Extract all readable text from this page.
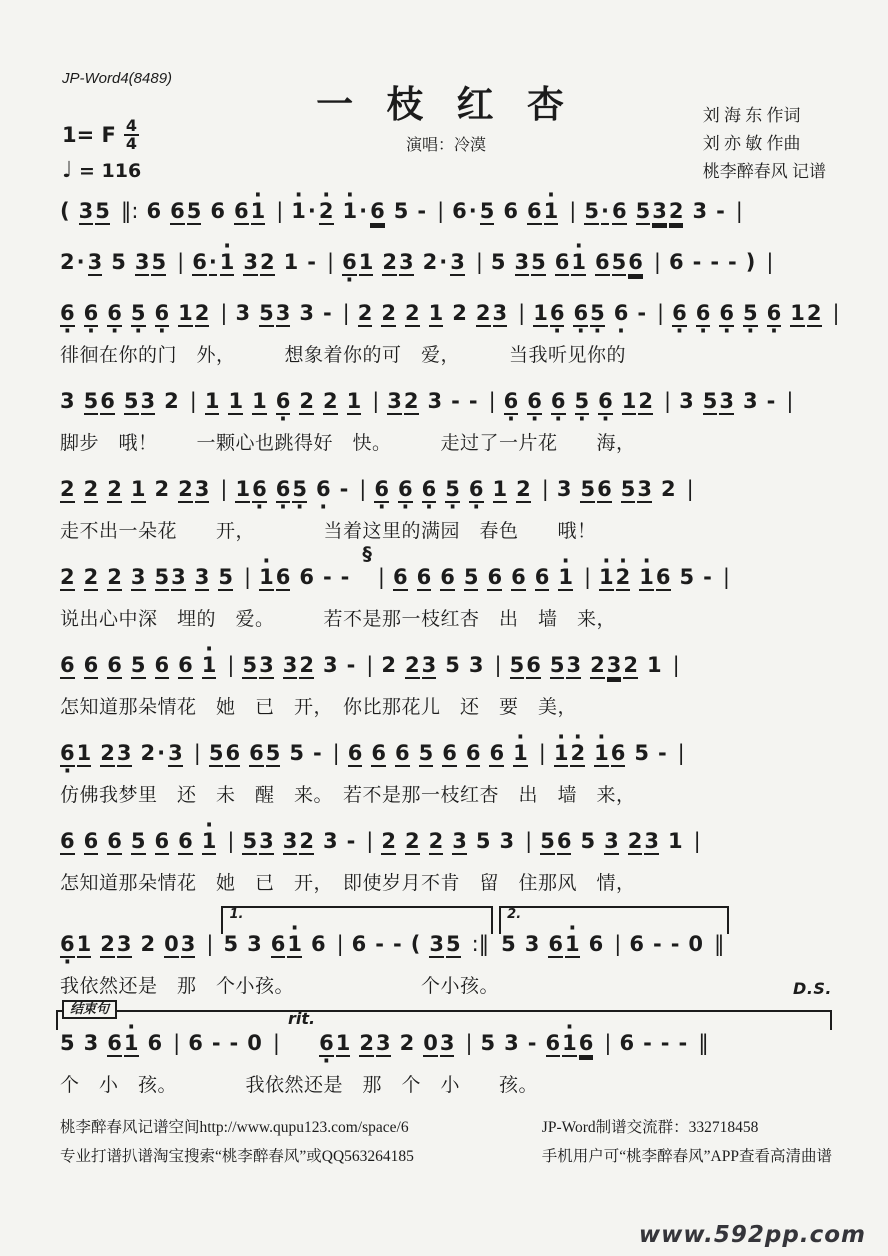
JP-Word4(8489)
一 枝 红 杏
演唱：冷漠
刘 海 东 作词
刘 亦 敏 作曲
桃李醉春风 记谱
1= F $\frac{4}{4}$
♩ = 116
( 35 ‖: 6 65 6 6· 1 | · 1· · 2 · 1· 6 5 - | 6· 5 6 6· 1 | 5· 6 532 3 - |
2· 3 5 35 | 6· · 1 32 1 - | 6 ·1 23 2· 3 | 5 35 6· 1 656 | 6 - - - ) |
6 · 6 · 6 · 5 · 6 · 12 | 3 53 3 - | 2 2 2 1 2 23 | 16 · 6 ·5 · 6 · - | 6 · 6 · 6 · 5 · 6 · 12 |
徘徊在你的门　外，　　　想象着你的可　爱，　　　当我听见你的
3 56 53 2 | 1 1 1 6 · 2 2 1 | 32 3 - - | 6 · 6 · 6 · 5 · 6 · 12 | 3 53 3 - |
脚步　哦！　　一颗心也跳得好　快。　　　走过了一片花　　海，
2 2 2 1 2 23 | 16 · 6 ·5 · 6 · - | 6 · 6 · 6 · 5 · 6 · 1 2 | 3 56 53 2 |
走不出一朵花　　开，　　　　当着这里的满园　春色　　哦！
2 2 2 3 53 3 5 | · 16 6 - -§| 6 6 6 5 6 6 6 · 1 | · 1· 2 · 16 5 - |
说出心中深　埋的　爱。　　　若不是那一枝红杏　出　墙　来，
6 6 6 5 6 6 · 1 | 53 32 3 - | 2 23 5 3 | 56 53 232 1 |
怎知道那朵情花　她　已　开，　你比那花儿　还　要　美，
6 ·1 23 2· 3 | 56 65 5 - | 6 6 6 5 6 6 6 · 1 | · 1· 2 · 16 5 - |
仿佛我梦里　还　未　醒　来。　若不是那一枝红杏　出　墙　来，
6 6 6 5 6 6 · 1 | 53 32 3 - | 2 2 2 3 5 3 | 56 5 3 23 1 |
怎知道那朵情花　她　已　开，　即使岁月不肯　留　住那风　情，
6 ·1 23 2 03 | 1. 5 3 6· 1 6 | 6 - - ( 35 :‖ 2. 5 3 6· 1 6 | 6 - - 0 ‖
我依然还是　那　个小孩。　　　　　　　个小孩。	D.S.
结束句
5 3 6· 1 6 | 6 - - 0 $|^{rit.}6 \cdot 1$ 23 2 03 | 5 3 - 6· 16 | 6 - - - ‖
个　小　孩。　　　　我依然还是　那　个　小　　孩。
桃李醉春风记谱空间http://www.qupu123.com/space/6
专业打谱扒谱淘宝搜索“桃李醉春风”或QQ563264185
JP-Word制谱交流群：332718458
手机用户可“桃李醉春风”APP查看高清曲谱
www.592pp.com
